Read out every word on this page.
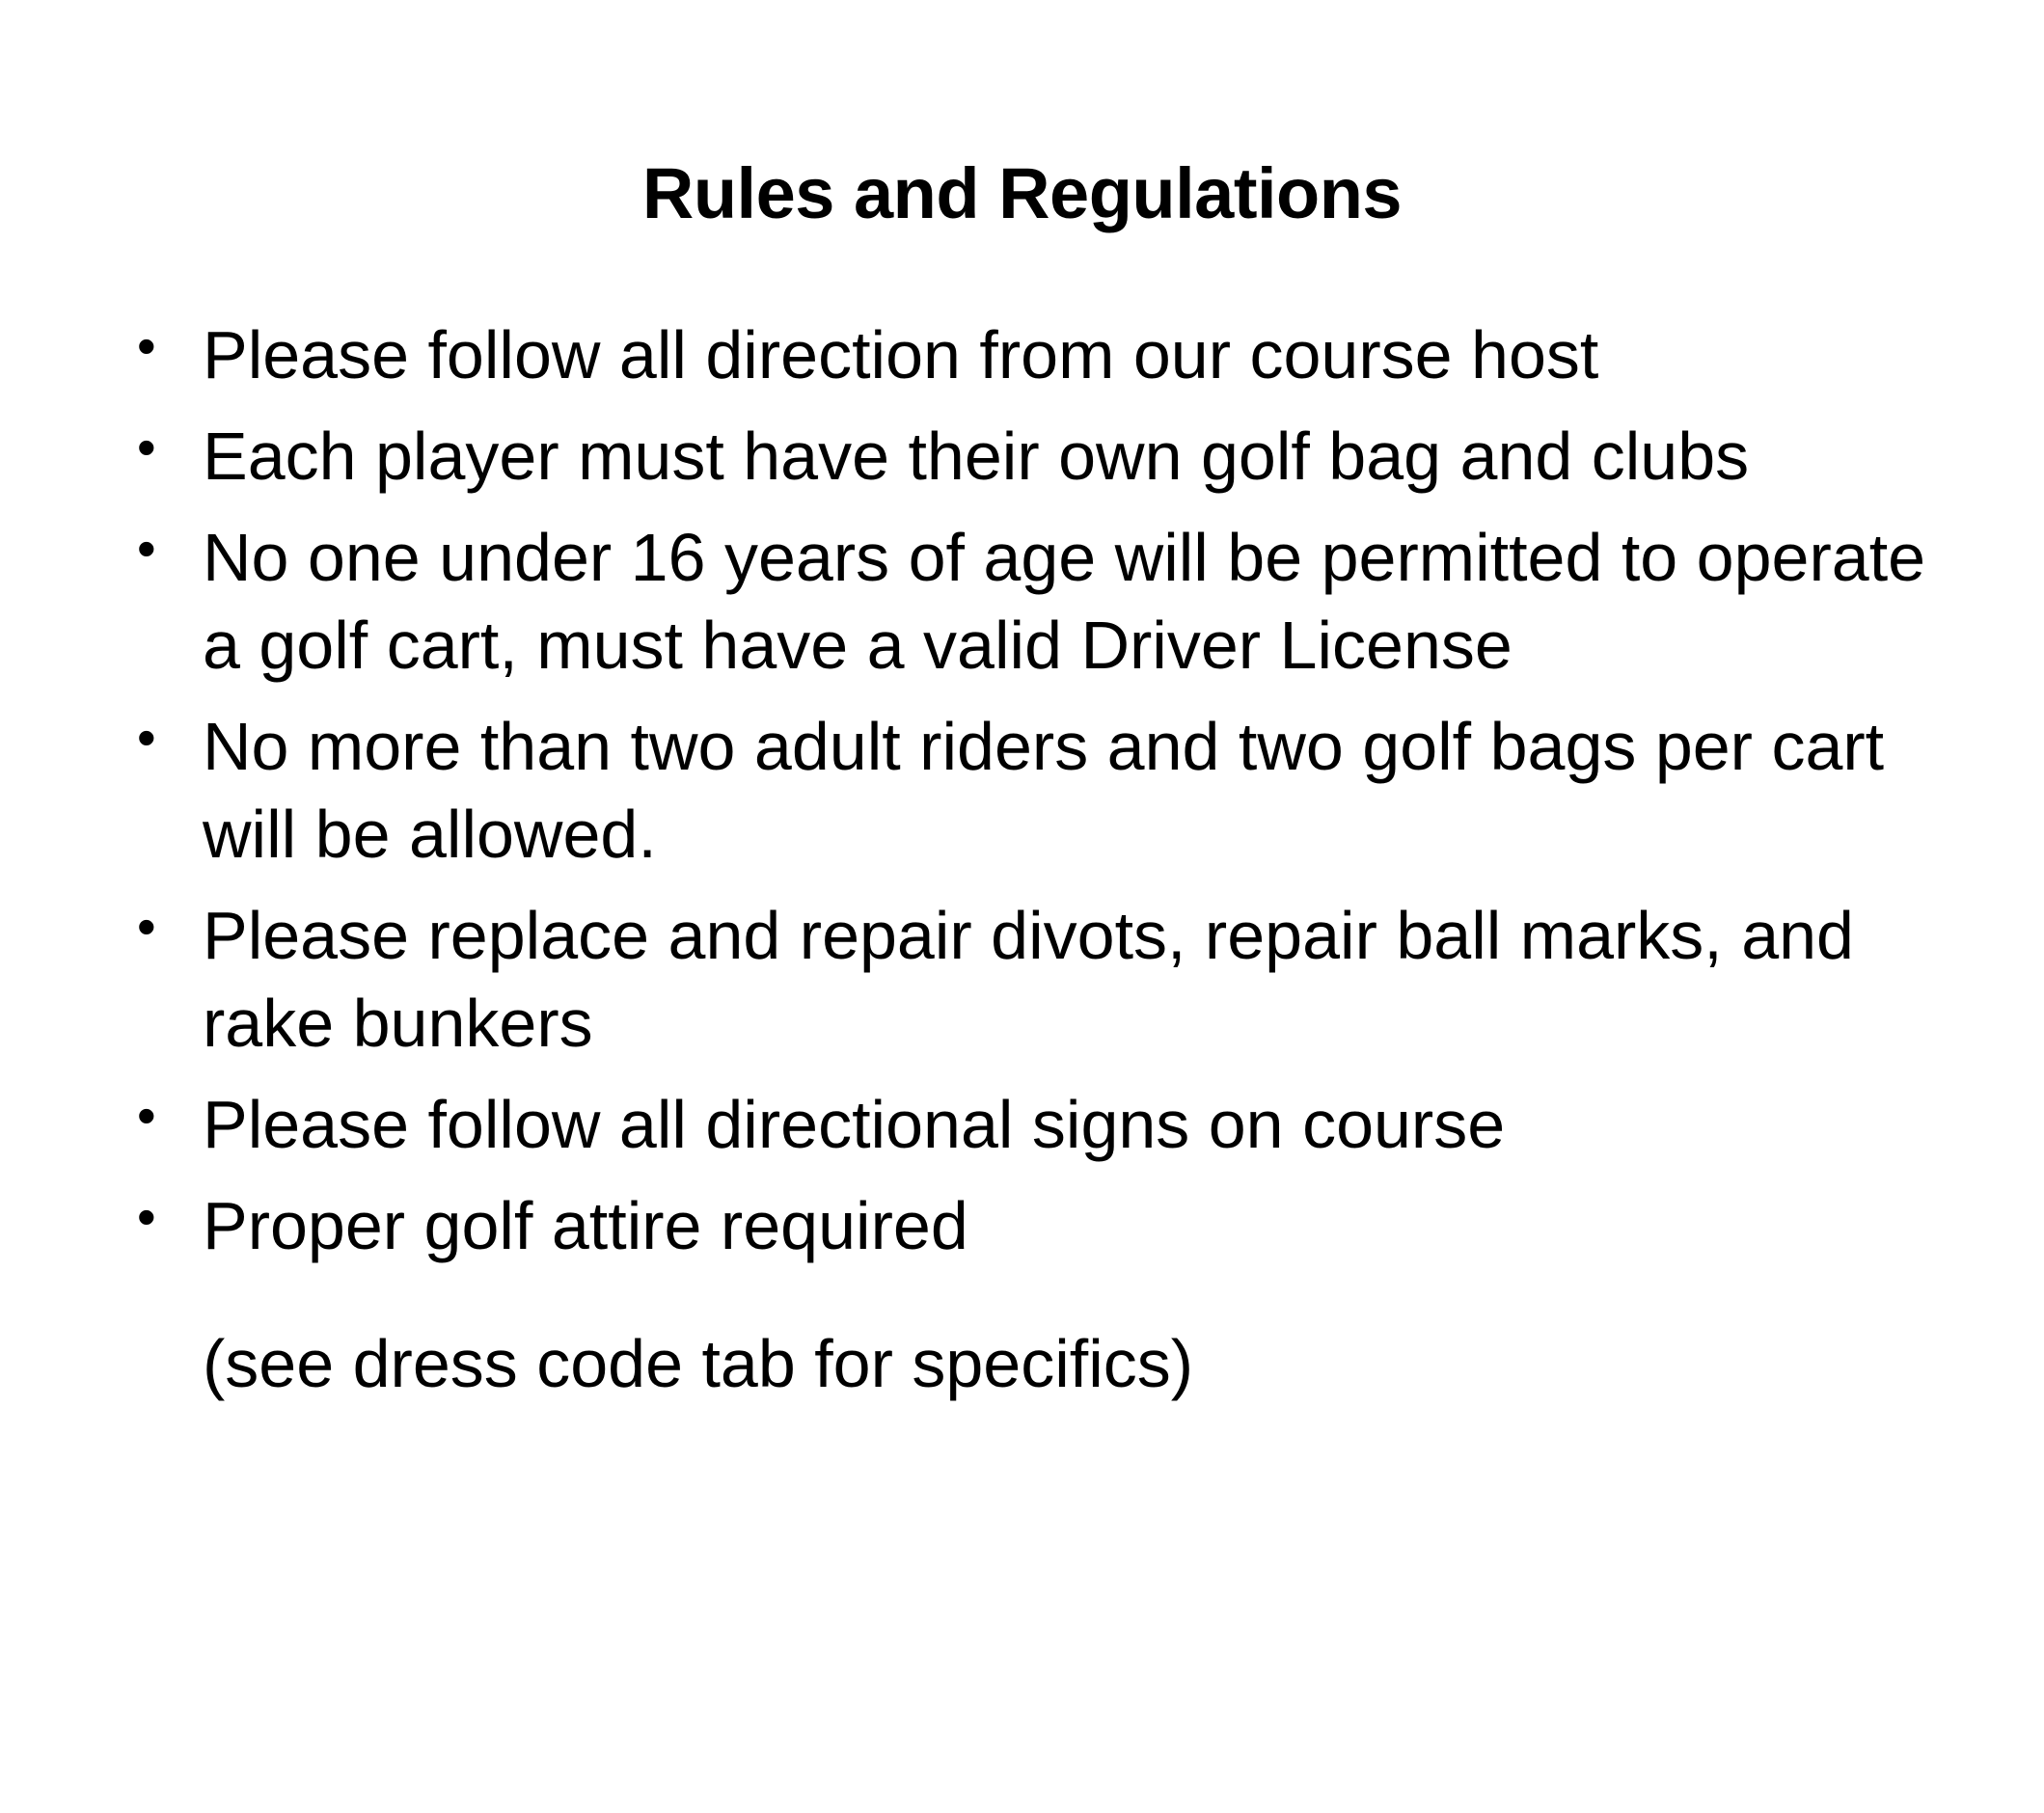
Rules and Regulations
• Please follow all direction from our course host
• Each player must have their own golf bag and clubs
• No one under 16 years of age will be permitted to operate a golf cart, must have a valid Driver License
• No more than two adult riders and two golf bags per cart will be allowed.
• Please replace and repair divots, repair ball marks, and rake bunkers
• Please follow all directional signs on course
• Proper golf attire required

(see dress code tab for specifics)
